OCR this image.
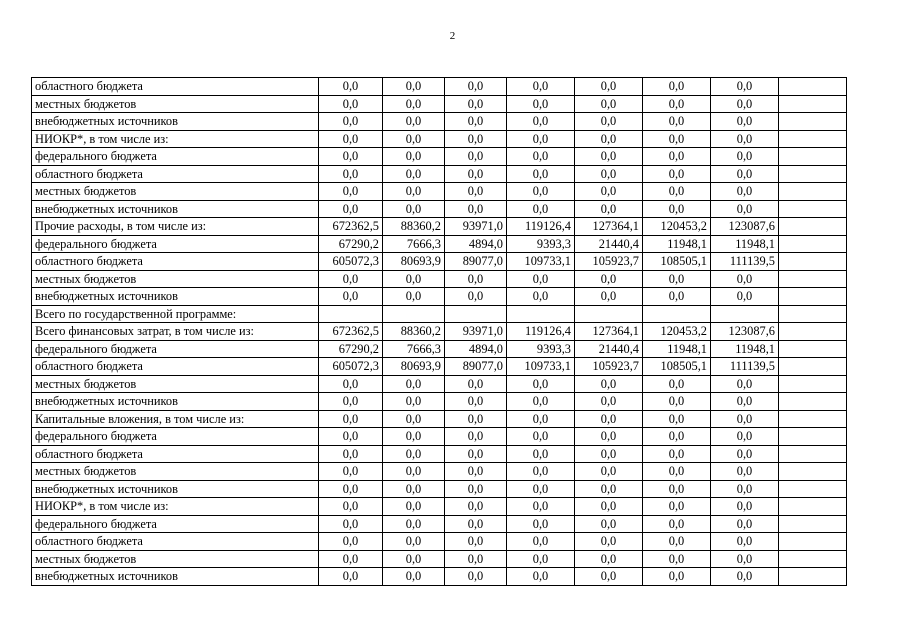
2
областного бюджета	0,0	0,0	0,0	0,0	0,0	0,0	0,0	
местных бюджетов	0,0	0,0	0,0	0,0	0,0	0,0	0,0	
внебюджетных источников	0,0	0,0	0,0	0,0	0,0	0,0	0,0	
НИОКР*, в том числе из:	0,0	0,0	0,0	0,0	0,0	0,0	0,0	
федерального бюджета	0,0	0,0	0,0	0,0	0,0	0,0	0,0	
областного бюджета	0,0	0,0	0,0	0,0	0,0	0,0	0,0	
местных бюджетов	0,0	0,0	0,0	0,0	0,0	0,0	0,0	
внебюджетных источников	0,0	0,0	0,0	0,0	0,0	0,0	0,0	
Прочие расходы, в том числе из:	672362,5	88360,2	93971,0	119126,4	127364,1	120453,2	123087,6	
федерального бюджета	67290,2	7666,3	4894,0	9393,3	21440,4	11948,1	11948,1	
областного бюджета	605072,3	80693,9	89077,0	109733,1	105923,7	108505,1	111139,5	
местных бюджетов	0,0	0,0	0,0	0,0	0,0	0,0	0,0	
внебюджетных источников	0,0	0,0	0,0	0,0	0,0	0,0	0,0	
Всего по государственной программе:								
Всего финансовых затрат, в том числе из:	672362,5	88360,2	93971,0	119126,4	127364,1	120453,2	123087,6	
федерального бюджета	67290,2	7666,3	4894,0	9393,3	21440,4	11948,1	11948,1	
областного бюджета	605072,3	80693,9	89077,0	109733,1	105923,7	108505,1	111139,5	
местных бюджетов	0,0	0,0	0,0	0,0	0,0	0,0	0,0	
внебюджетных источников	0,0	0,0	0,0	0,0	0,0	0,0	0,0	
Капитальные вложения, в том числе из:	0,0	0,0	0,0	0,0	0,0	0,0	0,0	
федерального бюджета	0,0	0,0	0,0	0,0	0,0	0,0	0,0	
областного бюджета	0,0	0,0	0,0	0,0	0,0	0,0	0,0	
местных бюджетов	0,0	0,0	0,0	0,0	0,0	0,0	0,0	
внебюджетных источников	0,0	0,0	0,0	0,0	0,0	0,0	0,0	
НИОКР*, в том числе из:	0,0	0,0	0,0	0,0	0,0	0,0	0,0	
федерального бюджета	0,0	0,0	0,0	0,0	0,0	0,0	0,0	
областного бюджета	0,0	0,0	0,0	0,0	0,0	0,0	0,0	
местных бюджетов	0,0	0,0	0,0	0,0	0,0	0,0	0,0	
внебюджетных источников	0,0	0,0	0,0	0,0	0,0	0,0	0,0	
